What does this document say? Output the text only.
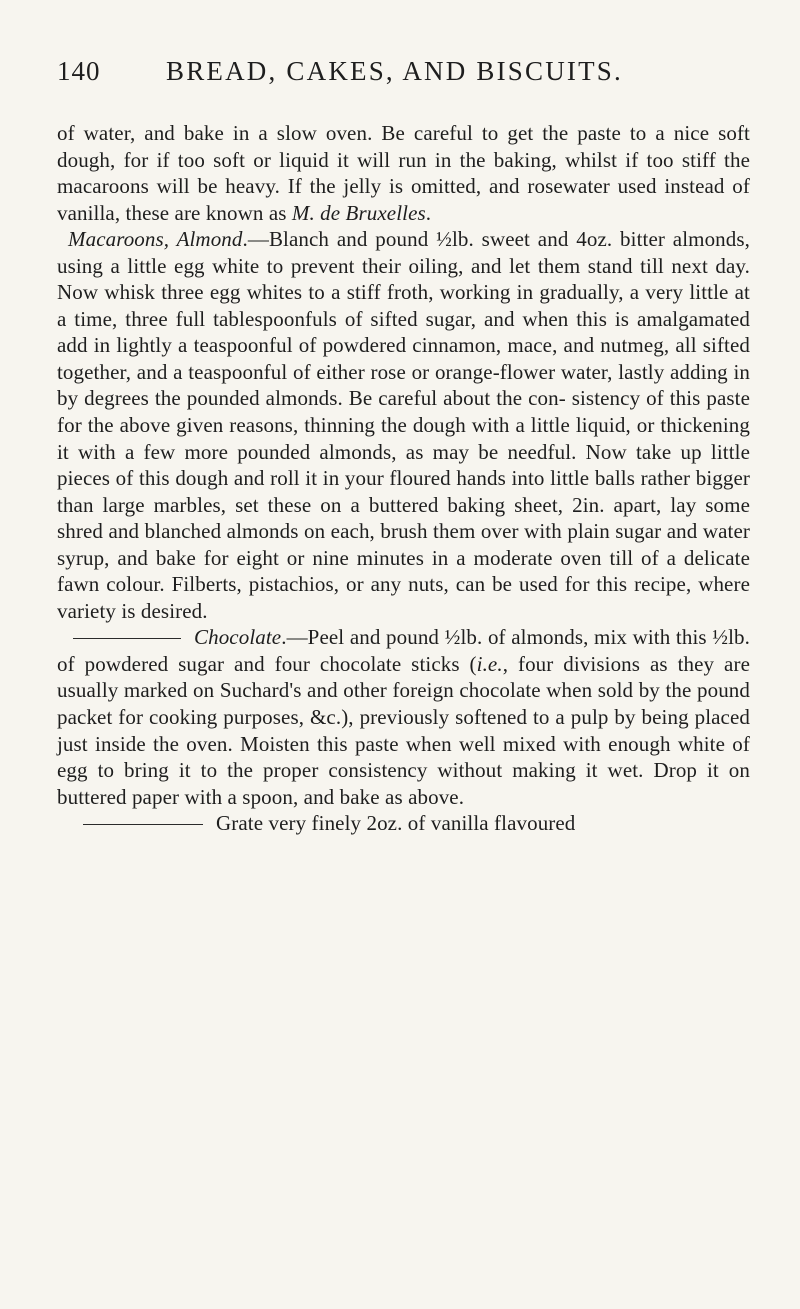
140	BREAD, CAKES, AND BISCUITS.

of water, and bake in a slow oven. Be careful to get the paste to a nice soft dough, for if too soft or liquid it will run in the baking, whilst if too stiff the macaroons will be heavy. If the jelly is omitted, and rosewater used instead of vanilla, these are known as M. de Bruxelles.

Macaroons, Almond.—Blanch and pound ½lb. sweet and 4oz. bitter almonds, using a little egg white to prevent their oiling, and let them stand till next day. Now whisk three egg whites to a stiff froth, working in gradually, a very little at a time, three full tablespoonfuls of sifted sugar, and when this is amalgamated add in lightly a teaspoonful of powdered cinnamon, mace, and nutmeg, all sifted together, and a teaspoonful of either rose or orange-flower water, lastly adding in by degrees the pounded almonds. Be careful about the con- sistency of this paste for the above given reasons, thinning the dough with a little liquid, or thickening it with a few more pounded almonds, as may be needful. Now take up little pieces of this dough and roll it in your floured hands into little balls rather bigger than large marbles, set these on a buttered baking sheet, 2in. apart, lay some shred and blanched almonds on each, brush them over with plain sugar and water syrup, and bake for eight or nine minutes in a moderate oven till of a delicate fawn colour. Filberts, pistachios, or any nuts, can be used for this recipe, where variety is desired.

Chocolate.—Peel and pound ½lb. of almonds, mix with this ½lb. of powdered sugar and four chocolate sticks (i.e., four divisions as they are usually marked on Suchard's and other foreign chocolate when sold by the pound packet for cooking purposes, &c.), previously softened to a pulp by being placed just inside the oven. Moisten this paste when well mixed with enough white of egg to bring it to the proper consistency without making it wet. Drop it on buttered paper with a spoon, and bake as above.

Grate very finely 2oz. of vanilla flavoured
